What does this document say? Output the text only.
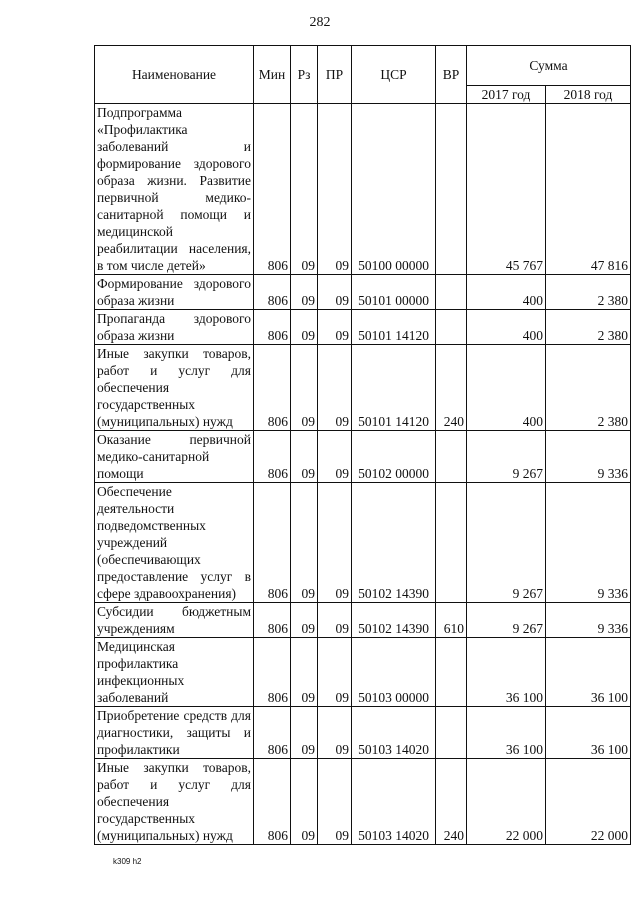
282
Наименование	Мин	Рз	ПР	ЦСР	ВР	Сумма	
						2017 год	2018 год
Подпрограмма «Профилактика заболеваний и формирование здорового образа жизни. Развитие первичной медико-санитарной помощи и медицинской реабилитации населения, в том числе детей»	806	09	09	50100 00000		45 767	47 816
Формирование здорового образа жизни	806	09	09	50101 00000		400	2 380
Пропаганда здорового образа жизни	806	09	09	50101 14120		400	2 380
Иные закупки товаров, работ и услуг для обеспечения государственных (муниципальных) нужд	806	09	09	50101 14120	240	400	2 380
Оказание первичной медико-санитарной помощи	806	09	09	50102 00000		9 267	9 336
Обеспечение деятельности подведомственных учреждений (обеспечивающих предоставление услуг в сфере здравоохранения)	806	09	09	50102 14390		9 267	9 336
Субсидии бюджетным учреждениям	806	09	09	50102 14390	610	9 267	9 336
Медицинская профилактика инфекционных заболеваний	806	09	09	50103 00000		36 100	36 100
Приобретение средств для диагностики, защиты и профилактики	806	09	09	50103 14020		36 100	36 100
Иные закупки товаров, работ и услуг для обеспечения государственных (муниципальных) нужд	806	09	09	50103 14020	240	22 000	22 000
k309 h2
